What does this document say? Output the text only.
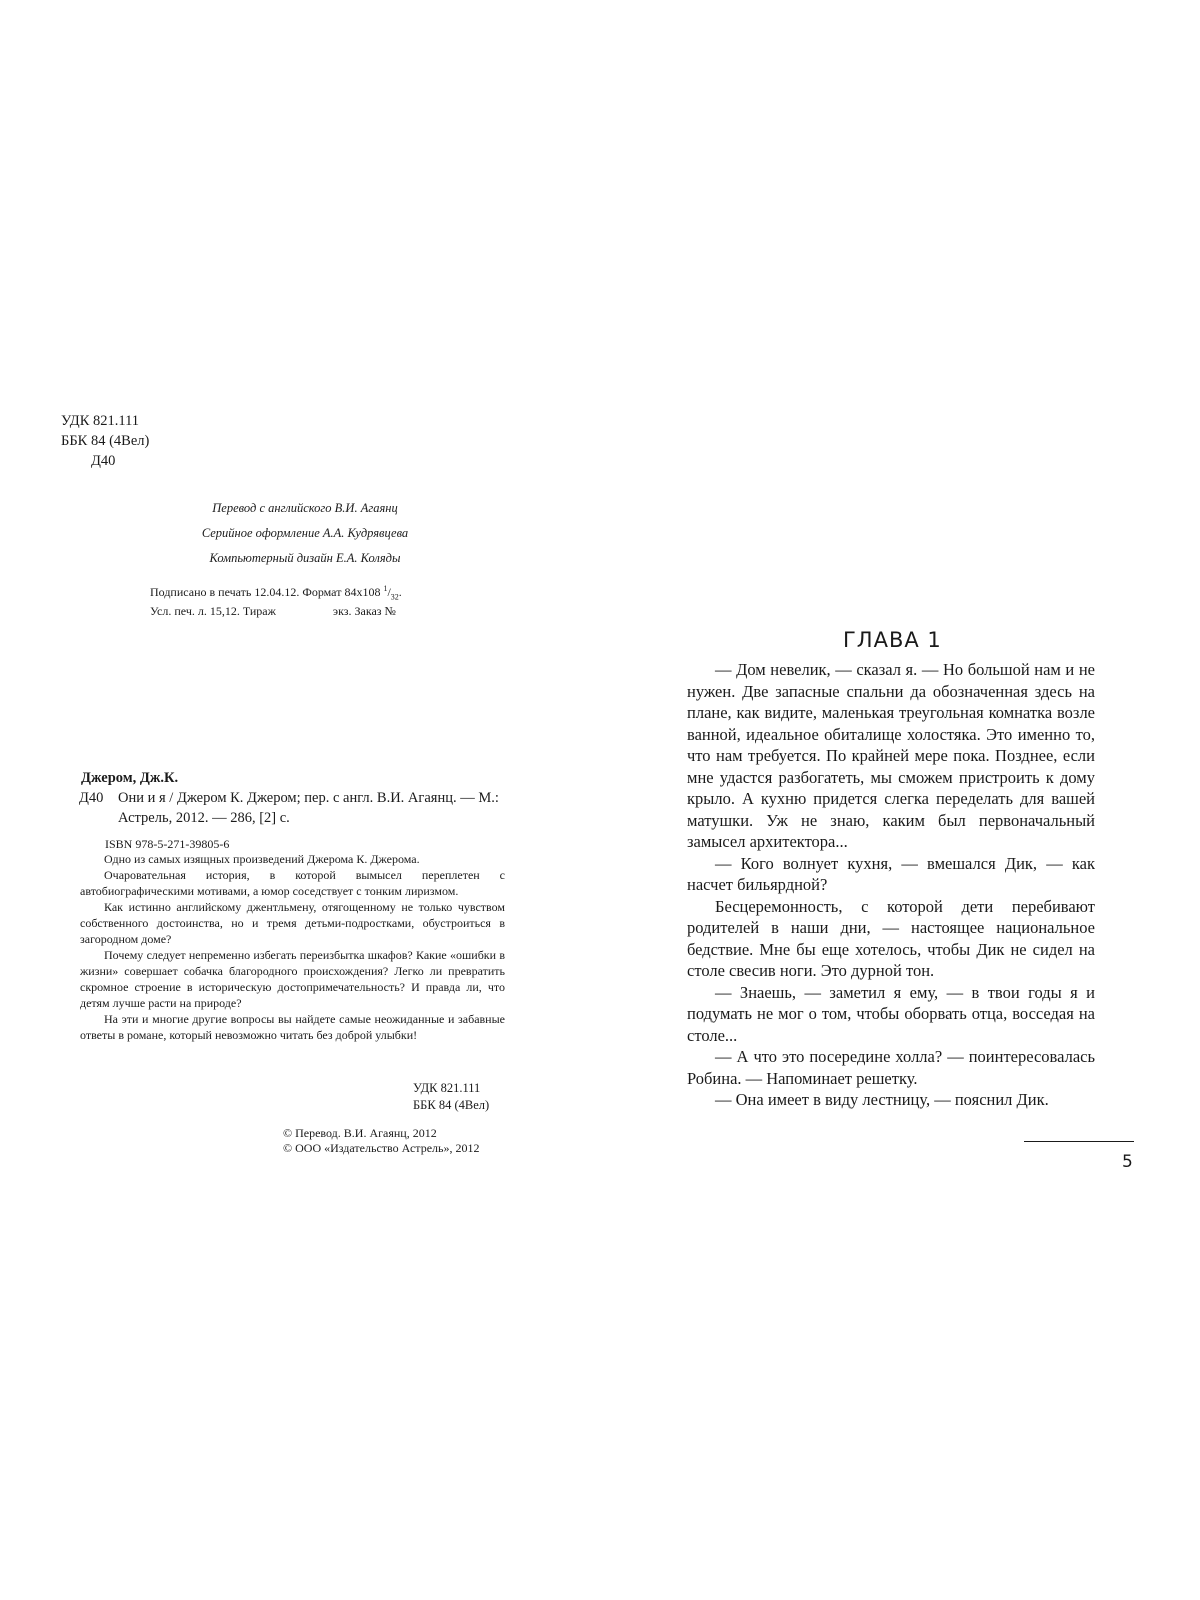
УДК 821.111
ББК 84 (4Вел)
Д40
Перевод с английского В.И. Агаянц
Серийное оформление А.А. Кудрявцева
Компьютерный дизайн Е.А. Коляды
Подписано в печать 12.04.12. Формат 84х108 $^1/_{32}$.
Усл. печ. л. 15,12. Тираж                   экз. Заказ №
Джером, Дж.К.
Д40 Они и я / Джером К. Джером; пер. с англ. В.И. Агаянц. — М.: Астрель, 2012. — 286, [2] с.
ISBN 978-5-271-39805-6

Одно из самых изящных произведений Джерома К. Джерома.

Очаровательная история, в которой вымысел переплетен с автобиографическими мотивами, а юмор соседствует с тонким лиризмом.

Как истинно английскому джентльмену, отягощенному не только чувством собственного достоинства, но и тремя детьми-подростками, обустроиться в загородном доме?

Почему следует непременно избегать переизбытка шкафов? Какие «ошибки в жизни» совершает собачка благородного происхождения? Легко ли превратить скромное строение в историческую достопримечательность? И правда ли, что детям лучше расти на природе?

На эти и многие другие вопросы вы найдете самые неожиданные и забавные ответы в романе, который невозможно читать без доброй улыбки!

УДК 821.111
ББК 84 (4Вел)
© Перевод. В.И. Агаянц, 2012
© ООО «Издательство Астрель», 2012
ГЛАВА 1

— Дом невелик, — сказал я. — Но большой нам и не нужен. Две запасные спальни да обозначенная здесь на плане, как видите, маленькая треугольная комнатка возле ванной, идеальное обиталище холостяка. Это именно то, что нам требуется. По крайней мере пока. Позднее, если мне удастся разбогатеть, мы сможем пристроить к дому крыло. А кухню придется слегка переделать для вашей матушки. Уж не знаю, каким был первоначальный замысел архитектора...

— Кого волнует кухня, — вмешался Дик, — как насчет бильярдной?

Бесцеремонность, с которой дети перебивают родителей в наши дни, — настоящее национальное бедствие. Мне бы еще хотелось, чтобы Дик не сидел на столе свесив ноги. Это дурной тон.

— Знаешь, — заметил я ему, — в твои годы я и подумать не мог о том, чтобы оборвать отца, восседая на столе...

— А что это посередине холла? — поинтересовалась Робина. — Напоминает решетку.

— Она имеет в виду лестницу, — пояснил Дик.

5
